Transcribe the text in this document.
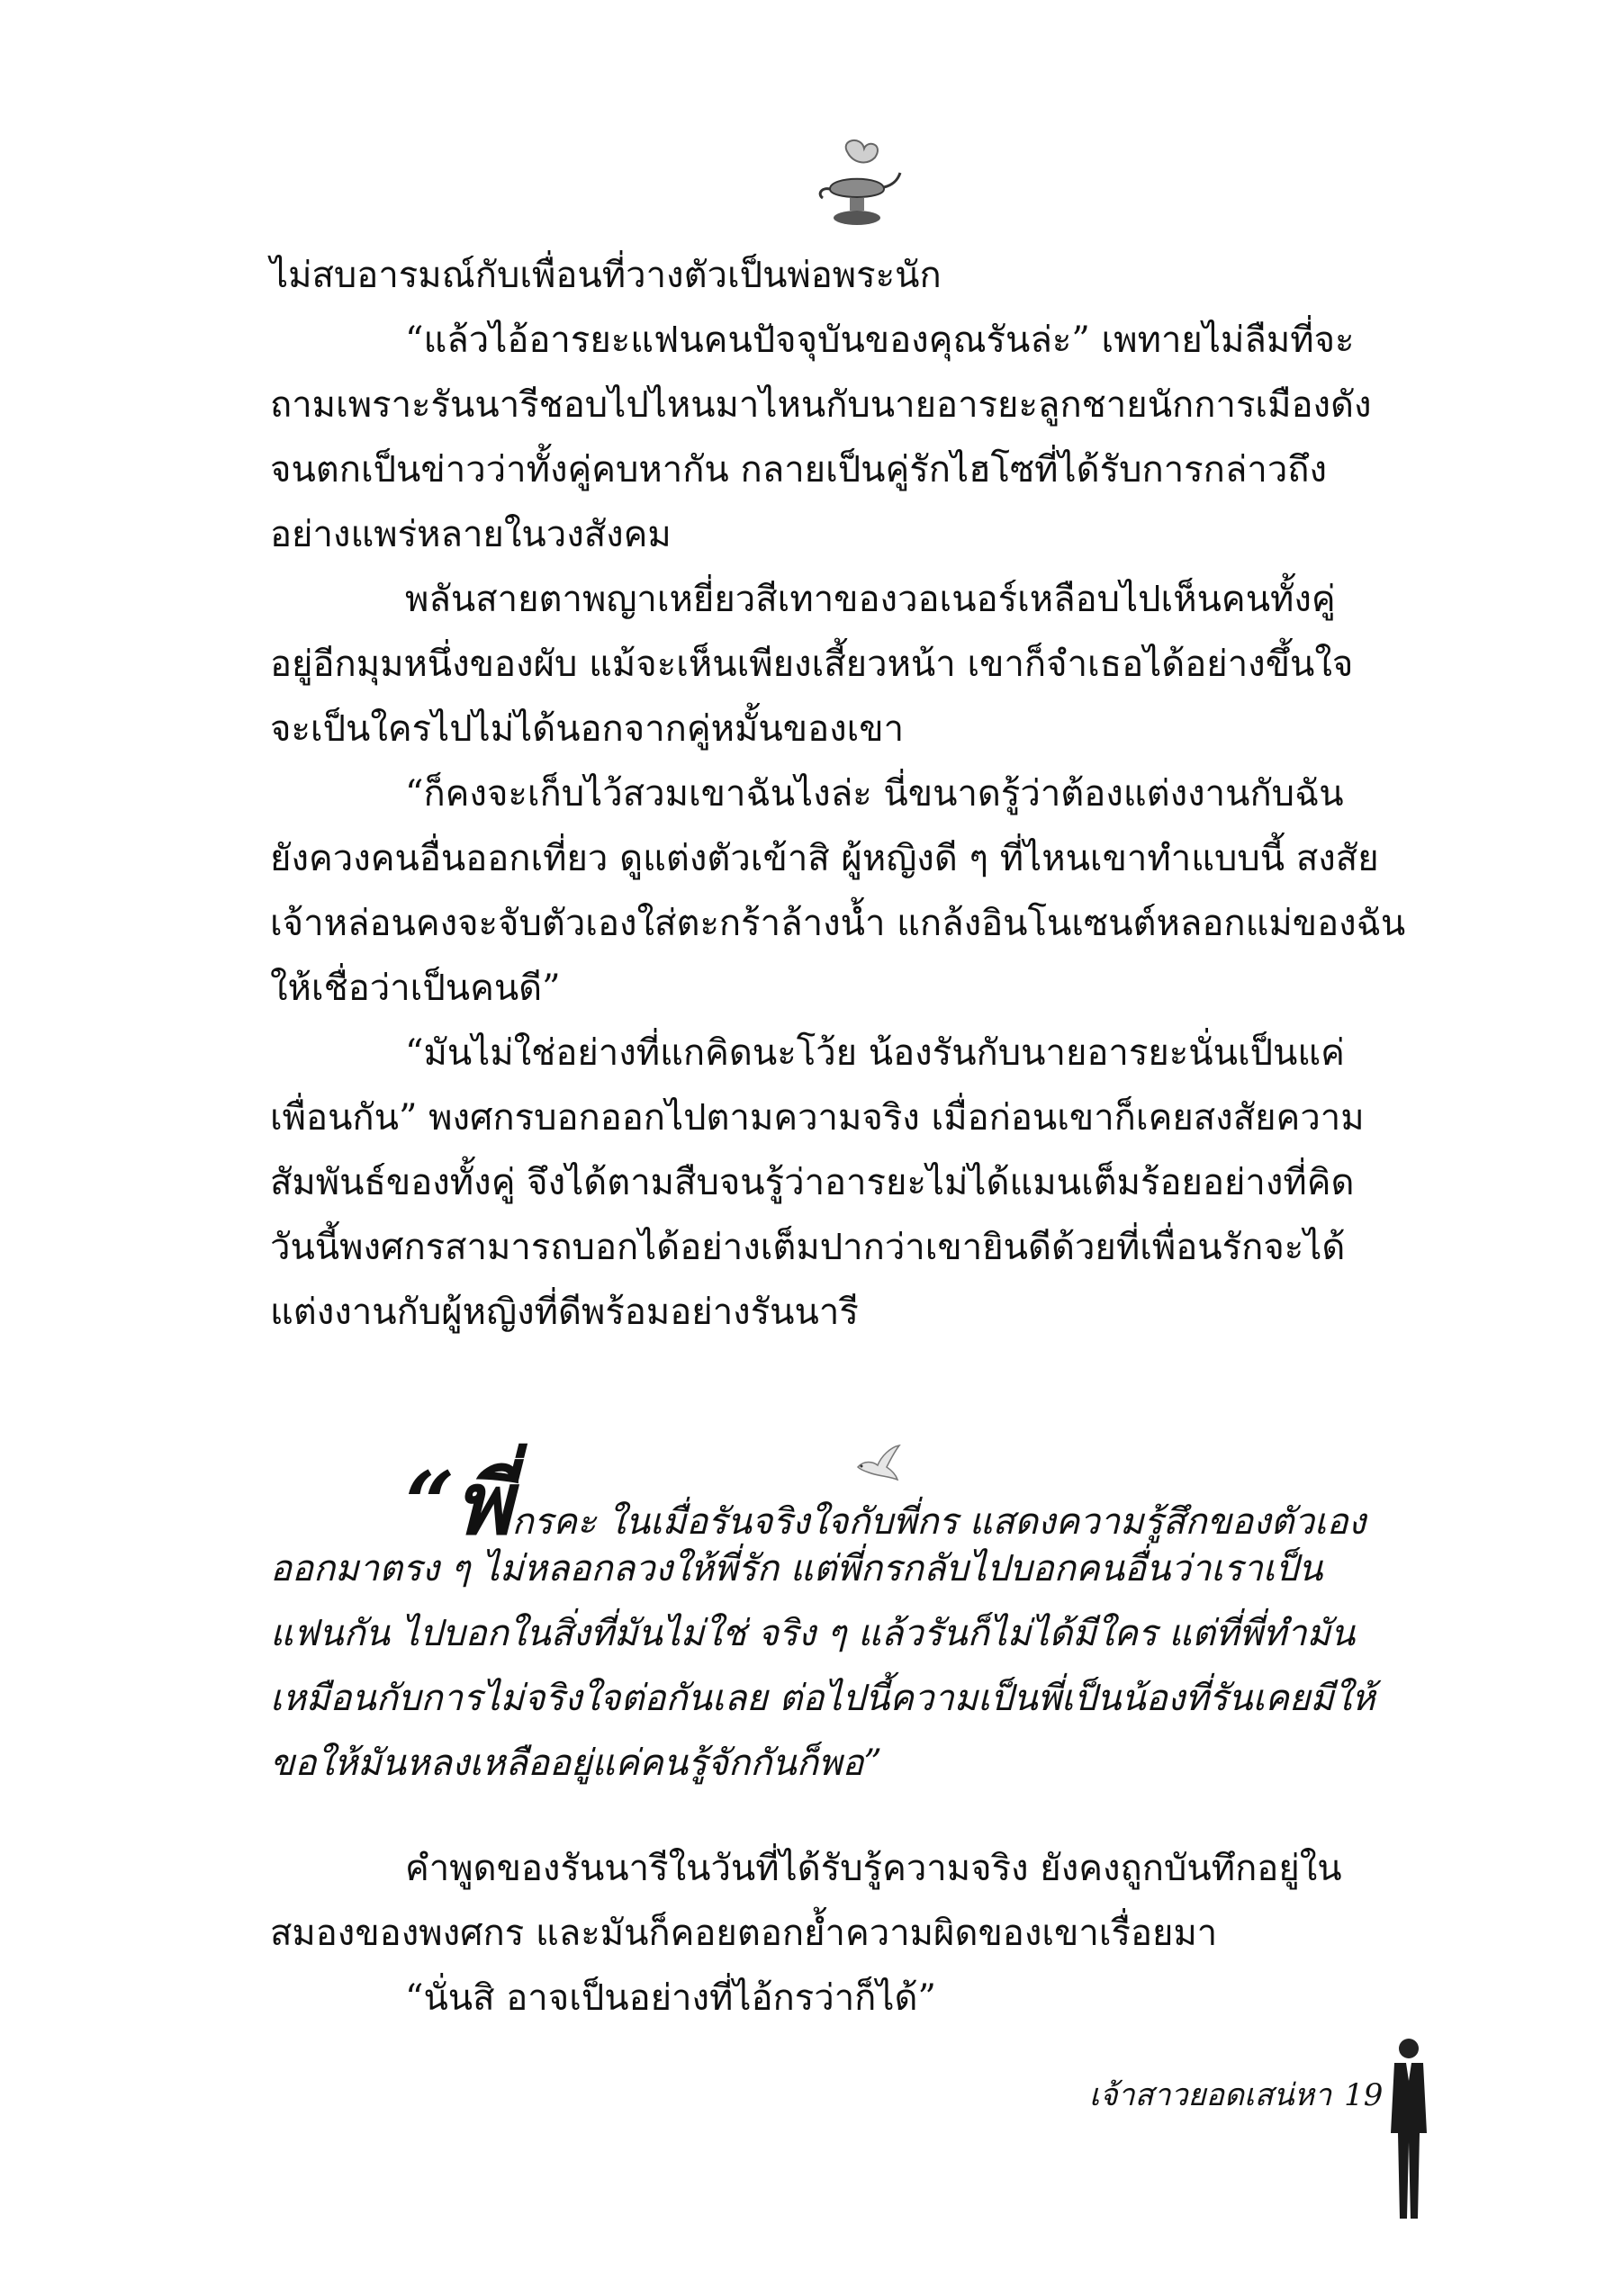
ไม่สบอารมณ์กับเพื่อนที่วางตัวเป็นพ่อพระนัก
“แล้วไอ้อารยะแฟนคนปัจจุบันของคุณรันล่ะ” เพทายไม่ลืมที่จะ
ถามเพราะรันนารีชอบไปไหนมาไหนกับนายอารยะลูกชายนักการเมืองดัง
จนตกเป็นข่าวว่าทั้งคู่คบหากัน กลายเป็นคู่รักไฮโซที่ได้รับการกล่าวถึง
อย่างแพร่หลายในวงสังคม
พลันสายตาพญาเหยี่ยวสีเทาของวอเนอร์เหลือบไปเห็นคนทั้งคู่
อยู่อีกมุมหนึ่งของผับ แม้จะเห็นเพียงเสี้ยวหน้า เขาก็จำเธอได้อย่างขึ้นใจ
จะเป็นใครไปไม่ได้นอกจากคู่หมั้นของเขา
“ก็คงจะเก็บไว้สวมเขาฉันไงล่ะ นี่ขนาดรู้ว่าต้องแต่งงานกับฉัน
ยังควงคนอื่นออกเที่ยว ดูแต่งตัวเข้าสิ ผู้หญิงดี ๆ ที่ไหนเขาทำแบบนี้ สงสัย
เจ้าหล่อนคงจะจับตัวเองใส่ตะกร้าล้างน้ำ แกล้งอินโนเซนต์หลอกแม่ของฉัน
ให้เชื่อว่าเป็นคนดี”
“มันไม่ใช่อย่างที่แกคิดนะโว้ย น้องรันกับนายอารยะนั่นเป็นแค่
เพื่อนกัน” พงศกรบอกออกไปตามความจริง เมื่อก่อนเขาก็เคยสงสัยความ
สัมพันธ์ของทั้งคู่ จึงได้ตามสืบจนรู้ว่าอารยะไม่ได้แมนเต็มร้อยอย่างที่คิด
วันนี้พงศกรสามารถบอกได้อย่างเต็มปากว่าเขายินดีด้วยที่เพื่อนรักจะได้
แต่งงานกับผู้หญิงที่ดีพร้อมอย่างรันนารี
“พี่กรคะ ในเมื่อรันจริงใจกับพี่กร แสดงความรู้สึกของตัวเอง
ออกมาตรง ๆ ไม่หลอกลวงให้พี่รัก แต่พี่กรกลับไปบอกคนอื่นว่าเราเป็น
แฟนกัน ไปบอกในสิ่งที่มันไม่ใช่ จริง ๆ แล้วรันก็ไม่ได้มีใคร แต่ที่พี่ทำมัน
เหมือนกับการไม่จริงใจต่อกันเลย ต่อไปนี้ความเป็นพี่เป็นน้องที่รันเคยมีให้
ขอให้มันหลงเหลืออยู่แค่คนรู้จักกันก็พอ”
คำพูดของรันนารีในวันที่ได้รับรู้ความจริง ยังคงถูกบันทึกอยู่ใน
สมองของพงศกร และมันก็คอยตอกย้ำความผิดของเขาเรื่อยมา
“นั่นสิ อาจเป็นอย่างที่ไอ้กรว่าก็ได้”
เจ้าสาวยอดเสน่หา 19
